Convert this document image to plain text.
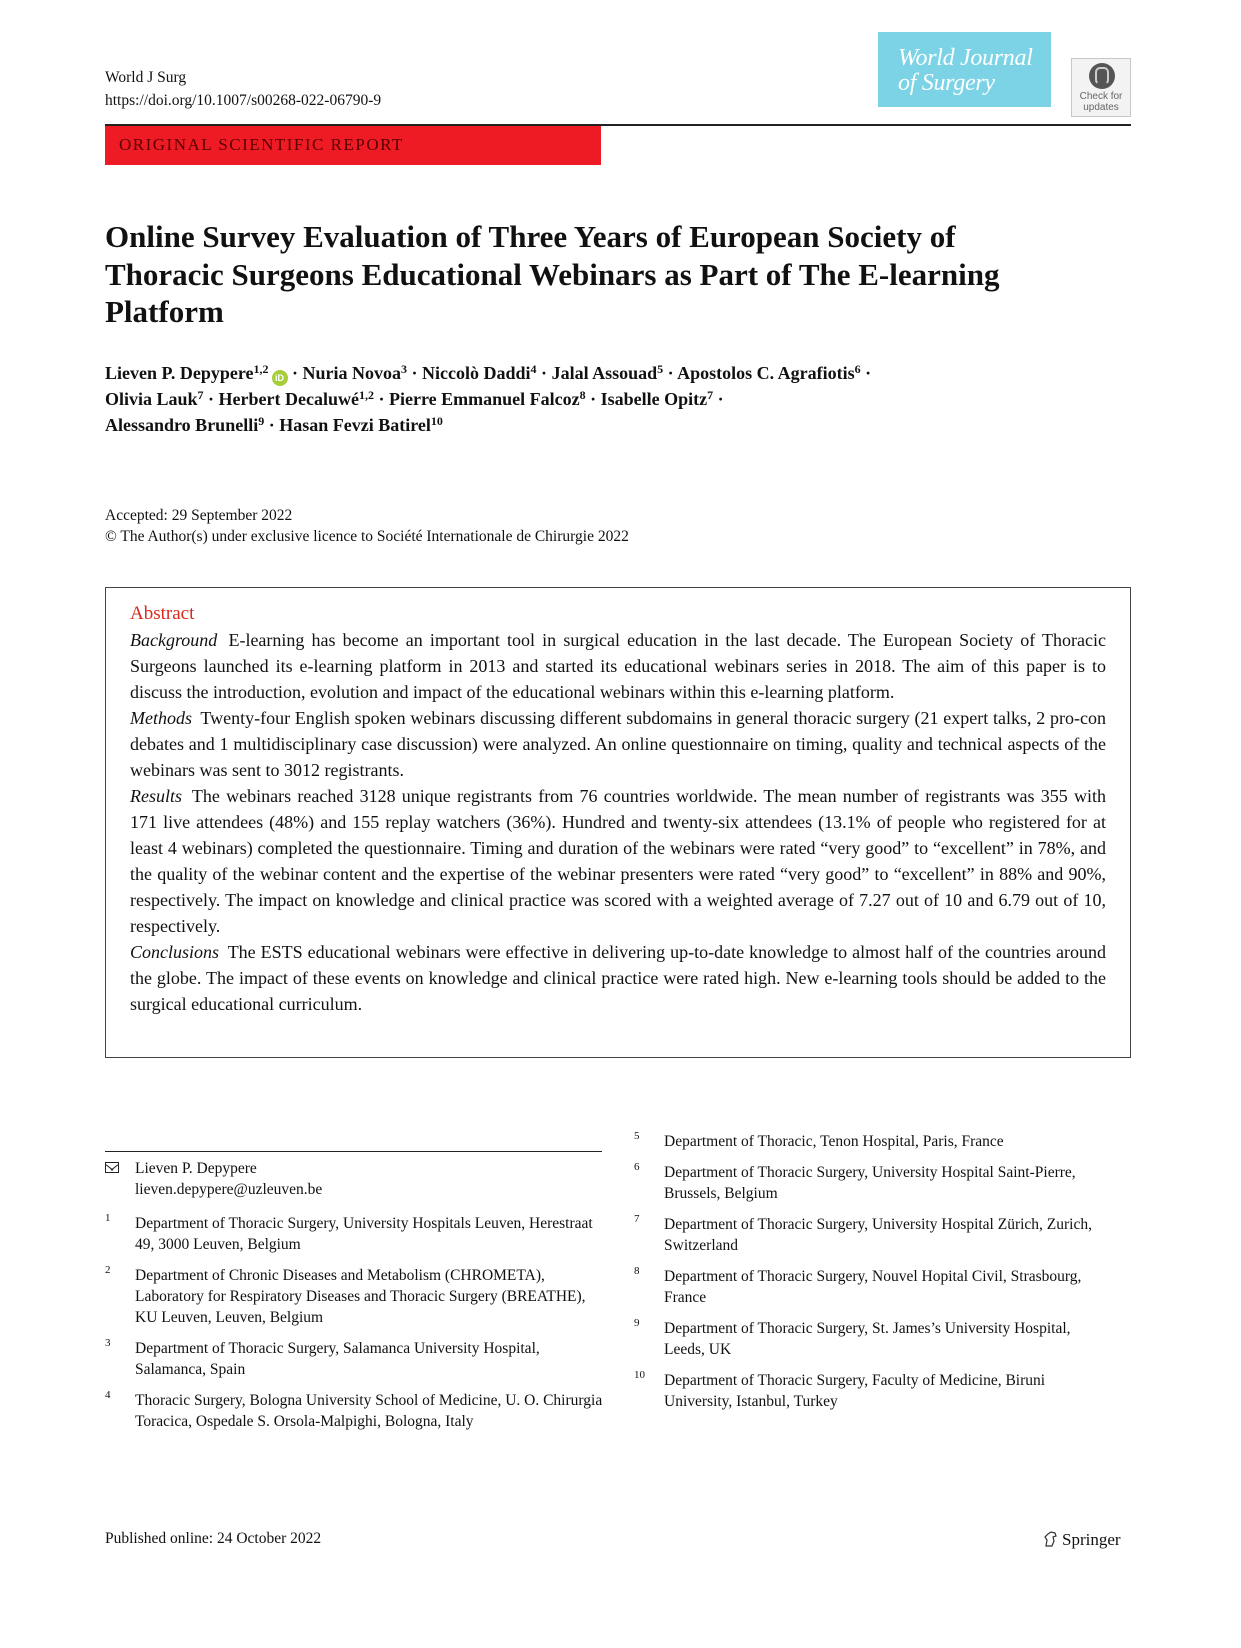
World J Surg
https://doi.org/10.1007/s00268-022-06790-9
World Journal
of Surgery
Check for
updates
ORIGINAL SCIENTIFIC REPORT
Online Survey Evaluation of Three Years of European Society of Thoracic Surgeons Educational Webinars as Part of The E-learning Platform
Lieven P. Depypere$^{1,2}$iD · Nuria Novoa$^3$ · Niccolò Daddi$^4$ · Jalal Assouad$^5$ · Apostolos C. Agrafiotis$^6$ ·
Olivia Lauk$^7$ · Herbert Decaluwé$^{1,2}$ · Pierre Emmanuel Falcoz$^8$ · Isabelle Opitz$^7$ ·
Alessandro Brunelli$^9$ · Hasan Fevzi Batirel$^{10}$
Accepted: 29 September 2022
© The Author(s) under exclusive licence to Société Internationale de Chirurgie 2022
Abstract

Background E-learning has become an important tool in surgical education in the last decade. The European Society of Thoracic Surgeons launched its e-learning platform in 2013 and started its educational webinars series in 2018. The aim of this paper is to discuss the introduction, evolution and impact of the educational webinars within this e-learning platform.

Methods Twenty-four English spoken webinars discussing different subdomains in general thoracic surgery (21 expert talks, 2 pro-con debates and 1 multidisciplinary case discussion) were analyzed. An online questionnaire on timing, quality and technical aspects of the webinars was sent to 3012 registrants.

Results The webinars reached 3128 unique registrants from 76 countries worldwide. The mean number of registrants was 355 with 171 live attendees (48%) and 155 replay watchers (36%). Hundred and twenty-six attendees (13.1% of people who registered for at least 4 webinars) completed the questionnaire. Timing and duration of the webinars were rated “very good” to “excellent” in 78%, and the quality of the webinar content and the expertise of the webinar presenters were rated “very good” to “excellent” in 88% and 90%, respectively. The impact on knowledge and clinical practice was scored with a weighted average of 7.27 out of 10 and 6.79 out of 10, respectively.

Conclusions The ESTS educational webinars were effective in delivering up-to-date knowledge to almost half of the countries around the globe. The impact of these events on knowledge and clinical practice were rated high. New e-learning tools should be added to the surgical educational curriculum.

Lieven P. Depypere
lieven.depypere@uzleuven.be
1 Department of Thoracic Surgery, University Hospitals Leuven, Herestraat 49, 3000 Leuven, Belgium
2 Department of Chronic Diseases and Metabolism (CHROMETA), Laboratory for Respiratory Diseases and Thoracic Surgery (BREATHE), KU Leuven, Leuven, Belgium
3 Department of Thoracic Surgery, Salamanca University Hospital, Salamanca, Spain
4 Thoracic Surgery, Bologna University School of Medicine, U. O. Chirurgia Toracica, Ospedale S. Orsola-Malpighi, Bologna, Italy
5 Department of Thoracic, Tenon Hospital, Paris, France
6 Department of Thoracic Surgery, University Hospital Saint-Pierre, Brussels, Belgium
7 Department of Thoracic Surgery, University Hospital Zürich, Zurich, Switzerland
8 Department of Thoracic Surgery, Nouvel Hopital Civil, Strasbourg, France
9 Department of Thoracic Surgery, St. James’s University Hospital, Leeds, UK
10 Department of Thoracic Surgery, Faculty of Medicine, Biruni University, Istanbul, Turkey
Published online: 24 October 2022	Springer
